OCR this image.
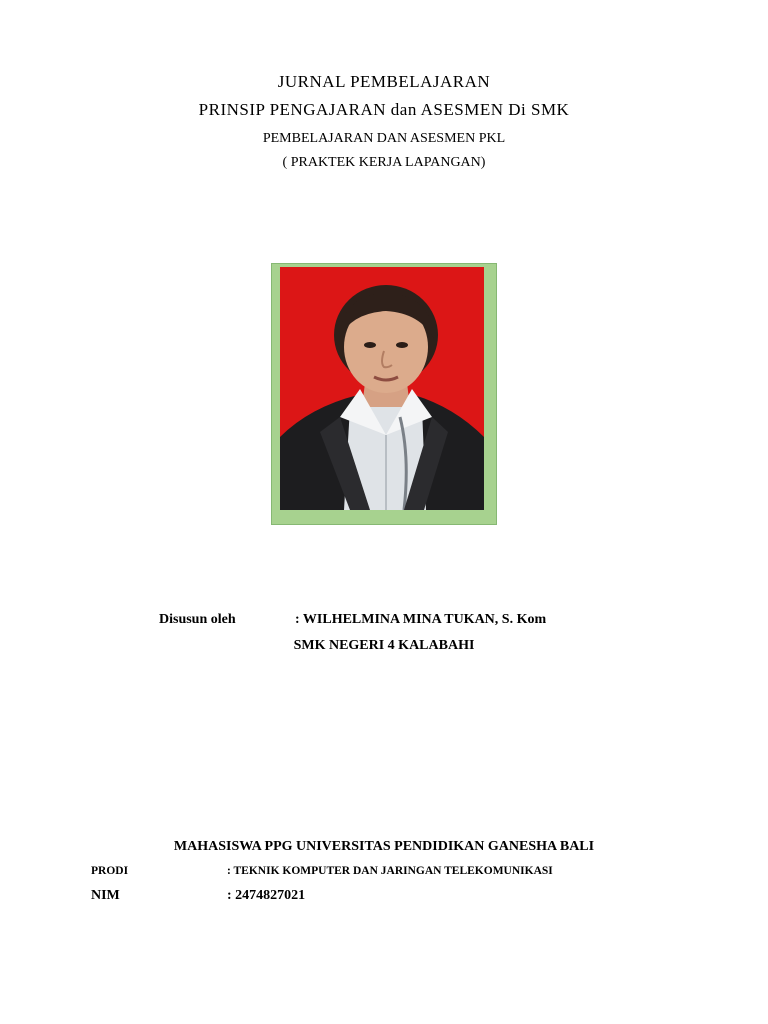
JURNAL PEMBELAJARAN
PRINSIP PENGAJARAN dan ASESMEN Di SMK
PEMBELAJARAN DAN ASESMEN PKL
( PRAKTEK KERJA LAPANGAN)
Disusun oleh	: WILHELMINA MINA TUKAN, S. Kom
SMK NEGERI 4 KALABAHI
MAHASISWA PPG UNIVERSITAS PENDIDIKAN GANESHA BALI
PRODI	: TEKNIK KOMPUTER DAN JARINGAN TELEKOMUNIKASI
NIM	: 2474827021
